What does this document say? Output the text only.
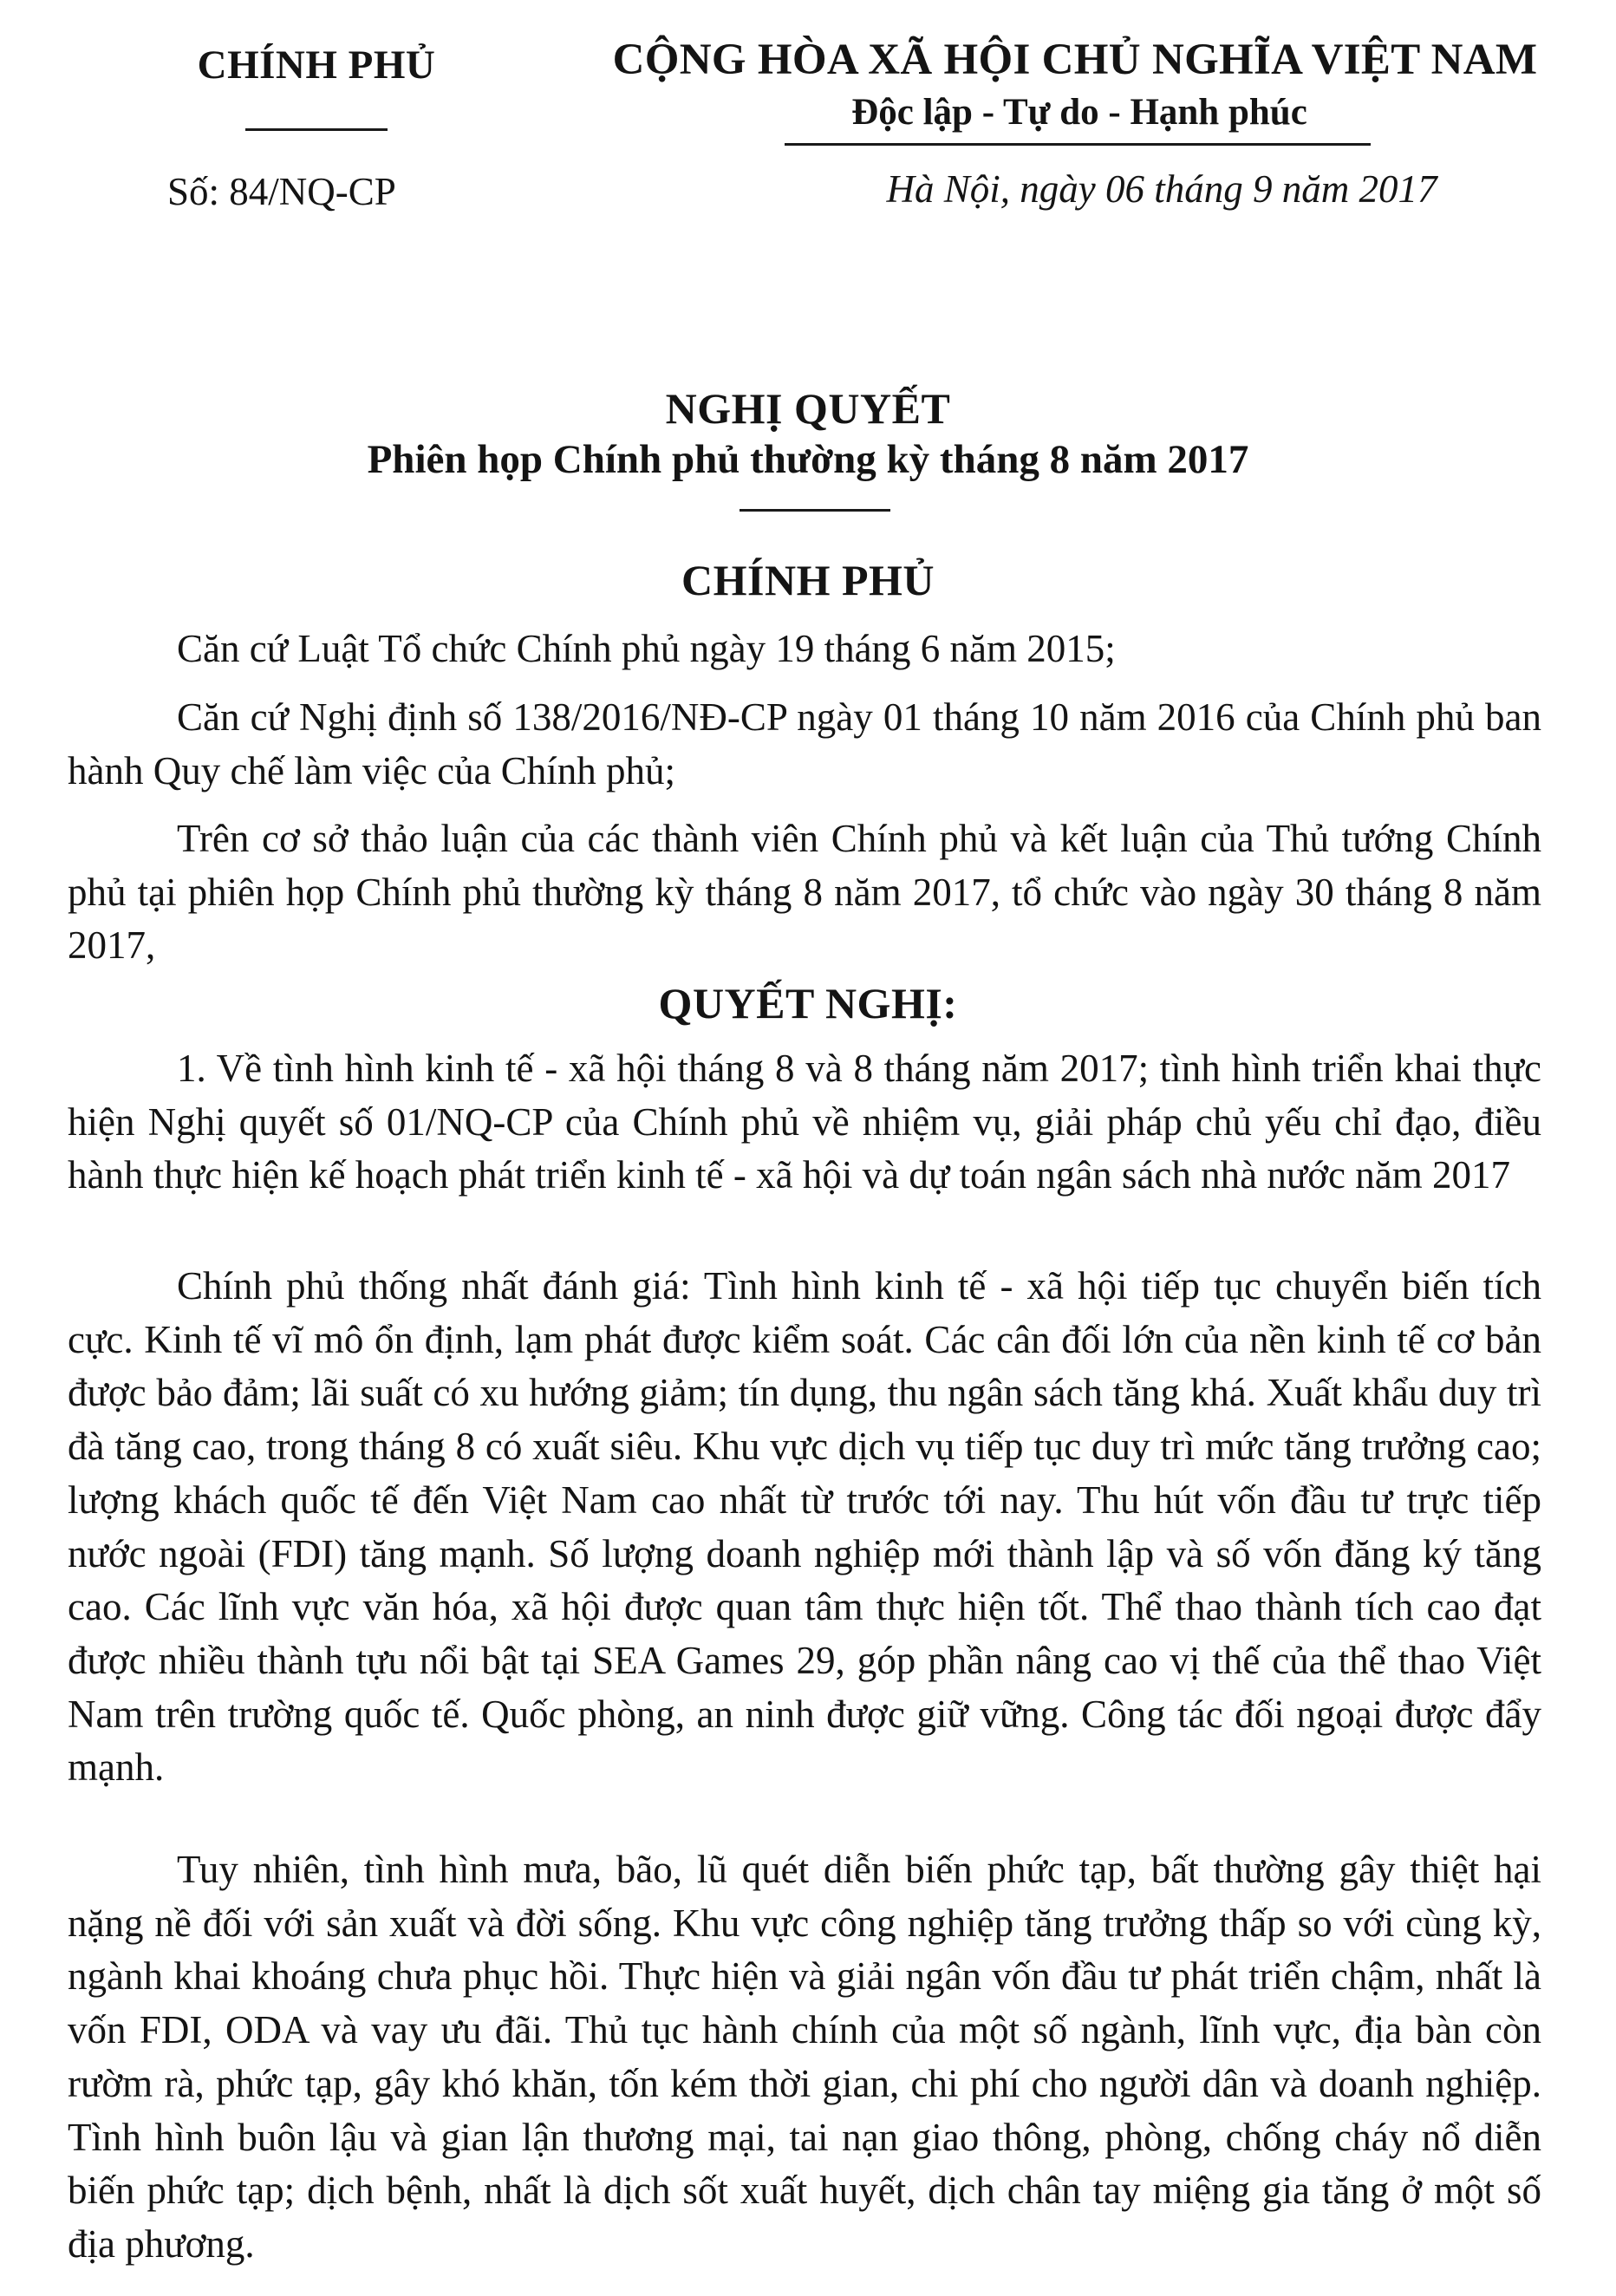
CHÍNH PHỦ
Số: 84/NQ-CP
CỘNG HÒA XÃ HỘI CHỦ NGHĨA VIỆT NAM
Độc lập - Tự do - Hạnh phúc
Hà Nội, ngày 06 tháng 9 năm 2017
NGHỊ QUYẾT
Phiên họp Chính phủ thường kỳ tháng 8 năm 2017
CHÍNH PHỦ

Căn cứ Luật Tổ chức Chính phủ ngày 19 tháng 6 năm 2015;

Căn cứ Nghị định số 138/2016/NĐ-CP ngày 01 tháng 10 năm 2016 của Chính phủ ban hành Quy chế làm việc của Chính phủ;

Trên cơ sở thảo luận của các thành viên Chính phủ và kết luận của Thủ tướng Chính phủ tại phiên họp Chính phủ thường kỳ tháng 8 năm 2017, tổ chức vào ngày 30 tháng 8 năm 2017,

QUYẾT NGHỊ:

1. Về tình hình kinh tế - xã hội tháng 8 và 8 tháng năm 2017; tình hình triển khai thực hiện Nghị quyết số 01/NQ-CP của Chính phủ về nhiệm vụ, giải pháp chủ yếu chỉ đạo, điều hành thực hiện kế hoạch phát triển kinh tế - xã hội và dự toán ngân sách nhà nước năm 2017

Chính phủ thống nhất đánh giá: Tình hình kinh tế - xã hội tiếp tục chuyển biến tích cực. Kinh tế vĩ mô ổn định, lạm phát được kiểm soát. Các cân đối lớn của nền kinh tế cơ bản được bảo đảm; lãi suất có xu hướng giảm; tín dụng, thu ngân sách tăng khá. Xuất khẩu duy trì đà tăng cao, trong tháng 8 có xuất siêu. Khu vực dịch vụ tiếp tục duy trì mức tăng trưởng cao; lượng khách quốc tế đến Việt Nam cao nhất từ trước tới nay. Thu hút vốn đầu tư trực tiếp nước ngoài (FDI) tăng mạnh. Số lượng doanh nghiệp mới thành lập và số vốn đăng ký tăng cao. Các lĩnh vực văn hóa, xã hội được quan tâm thực hiện tốt. Thể thao thành tích cao đạt được nhiều thành tựu nổi bật tại SEA Games 29, góp phần nâng cao vị thế của thể thao Việt Nam trên trường quốc tế. Quốc phòng, an ninh được giữ vững. Công tác đối ngoại được đẩy mạnh.

Tuy nhiên, tình hình mưa, bão, lũ quét diễn biến phức tạp, bất thường gây thiệt hại nặng nề đối với sản xuất và đời sống. Khu vực công nghiệp tăng trưởng thấp so với cùng kỳ, ngành khai khoáng chưa phục hồi. Thực hiện và giải ngân vốn đầu tư phát triển chậm, nhất là vốn FDI, ODA và vay ưu đãi. Thủ tục hành chính của một số ngành, lĩnh vực, địa bàn còn rườm rà, phức tạp, gây khó khăn, tốn kém thời gian, chi phí cho người dân và doanh nghiệp. Tình hình buôn lậu và gian lận thương mại, tai nạn giao thông, phòng, chống cháy nổ diễn biến phức tạp; dịch bệnh, nhất là dịch sốt xuất huyết, dịch chân tay miệng gia tăng ở một số địa phương.
